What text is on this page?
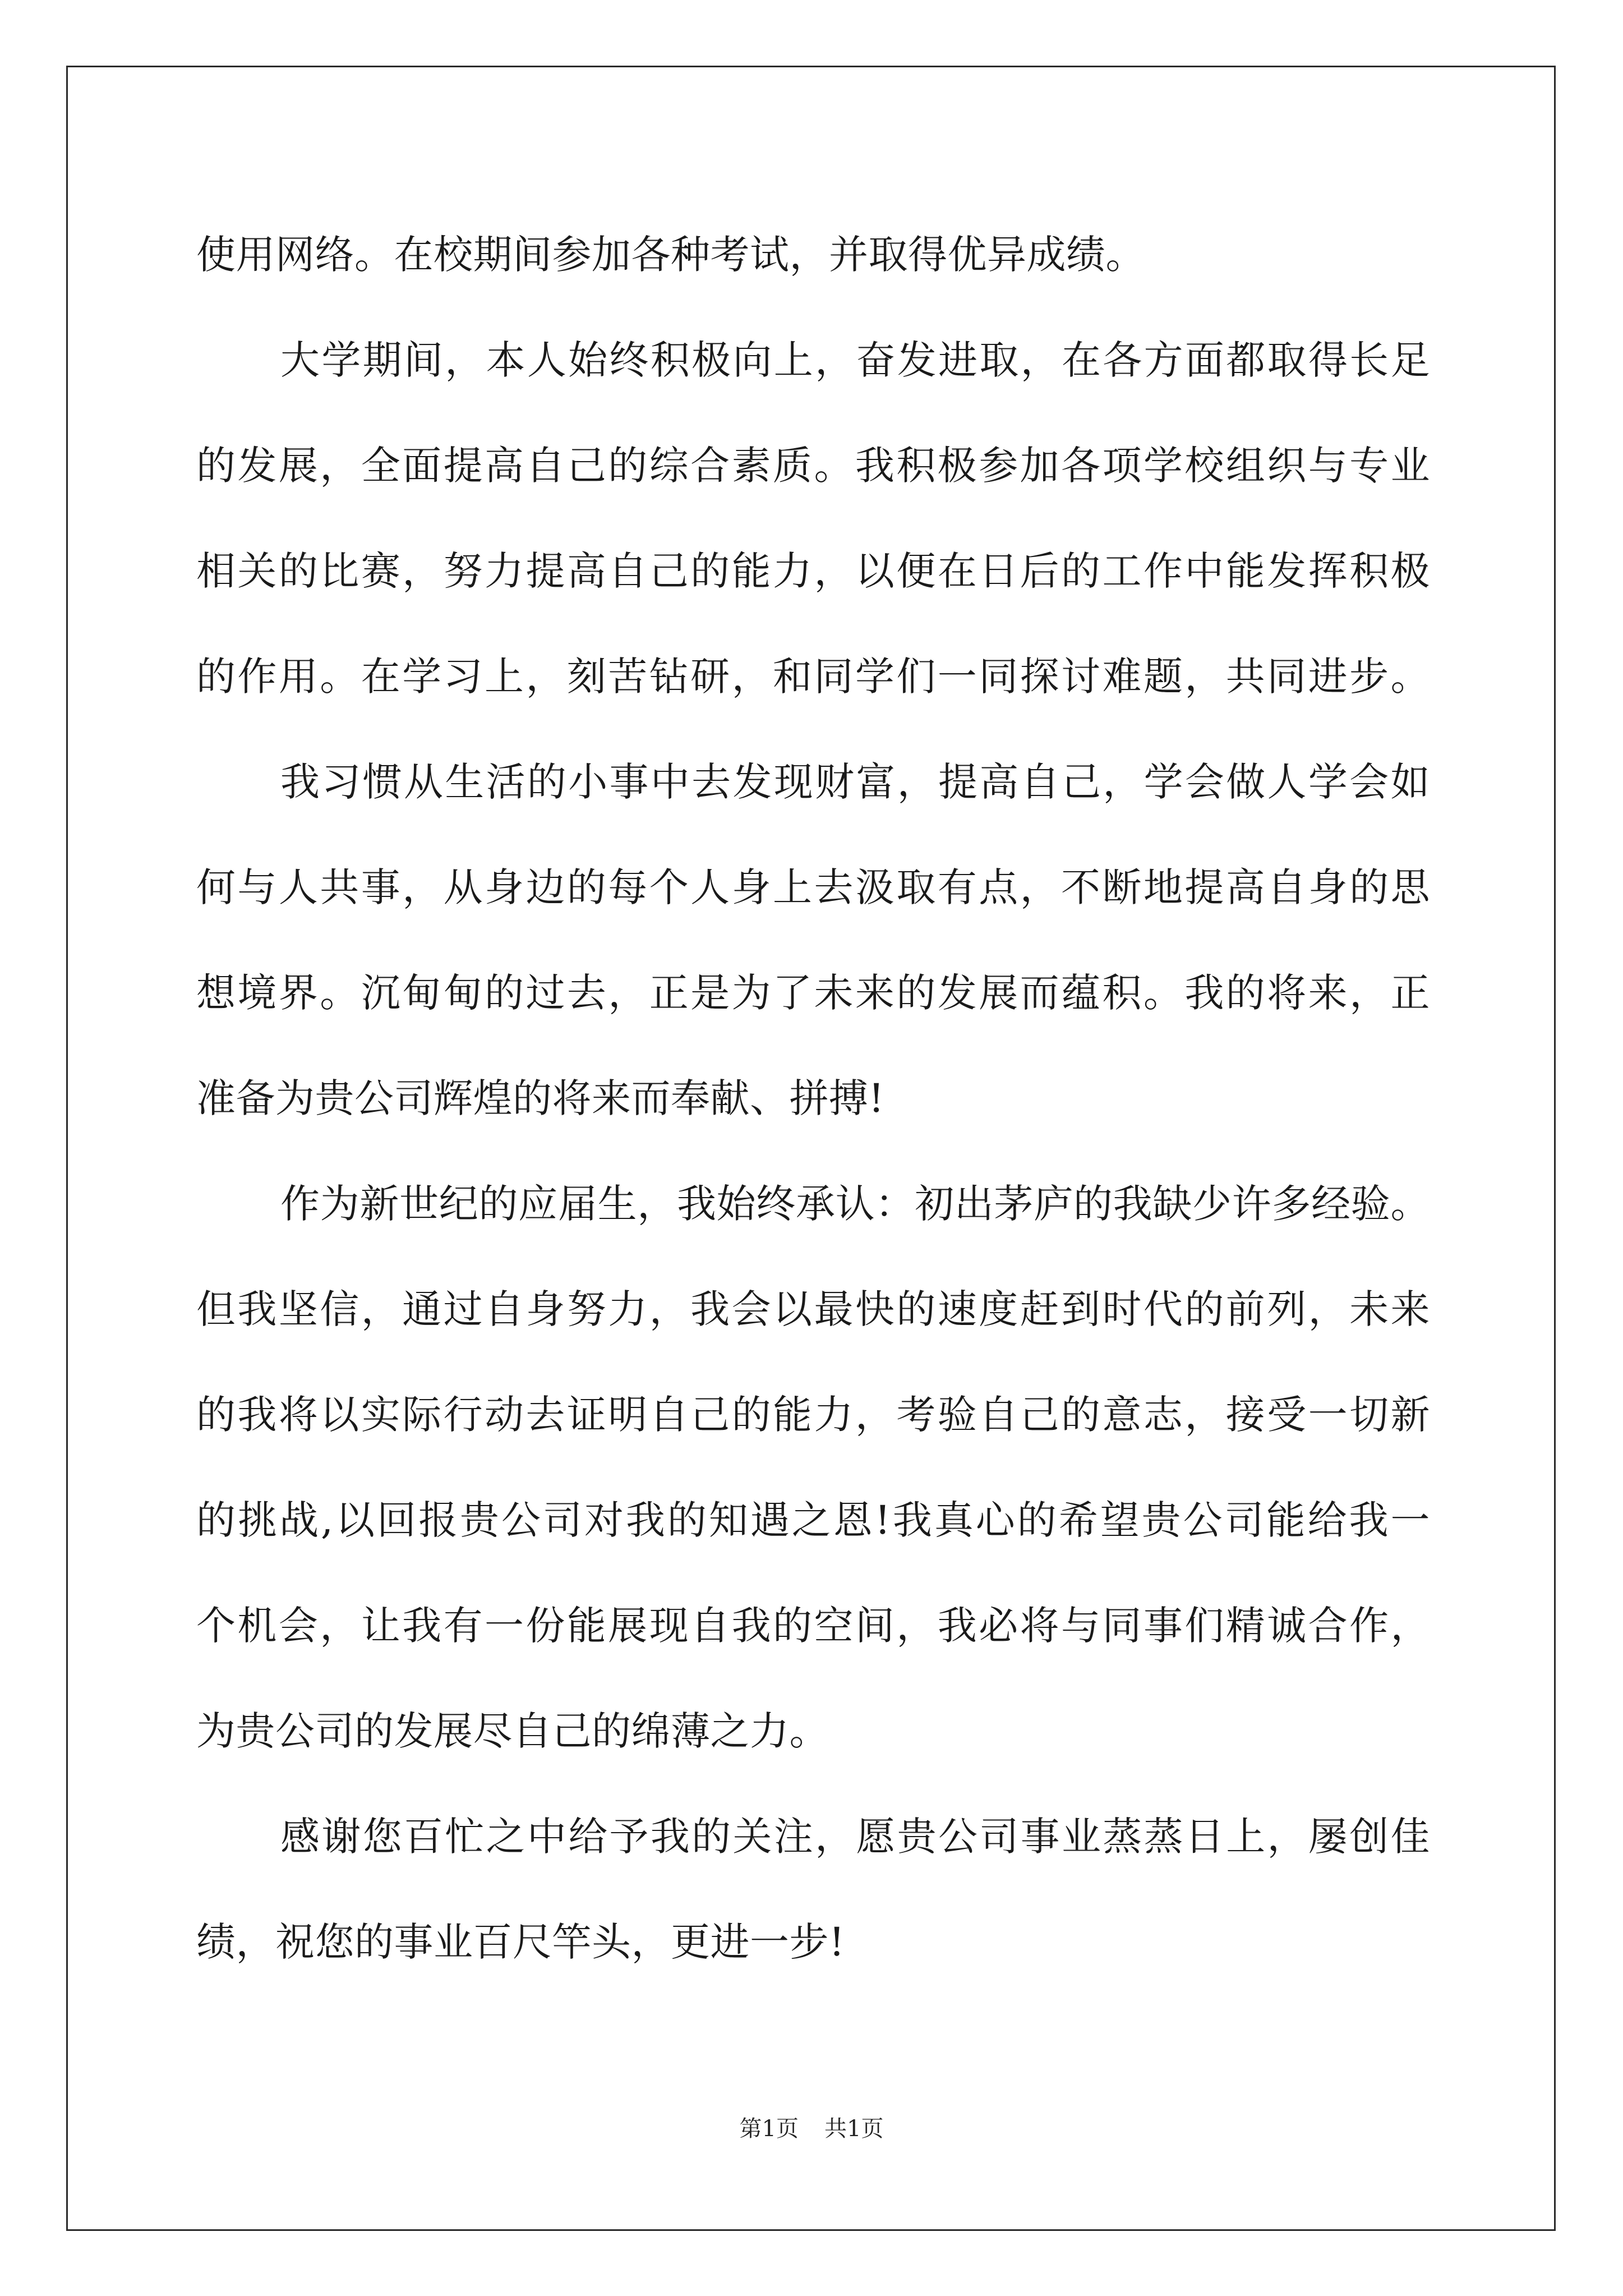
使用网络。在校期间参加各种考试，并取得优异成绩。
大学期间，本人始终积极向上，奋发进取，在各方面都取得长足
的发展，全面提高自己的综合素质。我积极参加各项学校组织与专业
相关的比赛，努力提高自己的能力，以便在日后的工作中能发挥积极
的作用。在学习上，刻苦钻研，和同学们一同探讨难题，共同进步。
我习惯从生活的小事中去发现财富，提高自己，学会做人学会如
何与人共事，从身边的每个人身上去汲取有点，不断地提高自身的思
想境界。沉甸甸的过去，正是为了未来的发展而蕴积。我的将来，正
准备为贵公司辉煌的将来而奉献、拼搏!
作为新世纪的应届生，我始终承认：初出茅庐的我缺少许多经验。
但我坚信，通过自身努力，我会以最快的速度赶到时代的前列，未来
的我将以实际行动去证明自己的能力，考验自己的意志，接受一切新
的挑战,以回报贵公司对我的知遇之恩!我真心的希望贵公司能给我一
个机会，让我有一份能展现自我的空间，我必将与同事们精诚合作，
为贵公司的发展尽自己的绵薄之力。
感谢您百忙之中给予我的关注，愿贵公司事业蒸蒸日上，屡创佳
绩，祝您的事业百尺竿头，更进一步!
第1页 共1页
